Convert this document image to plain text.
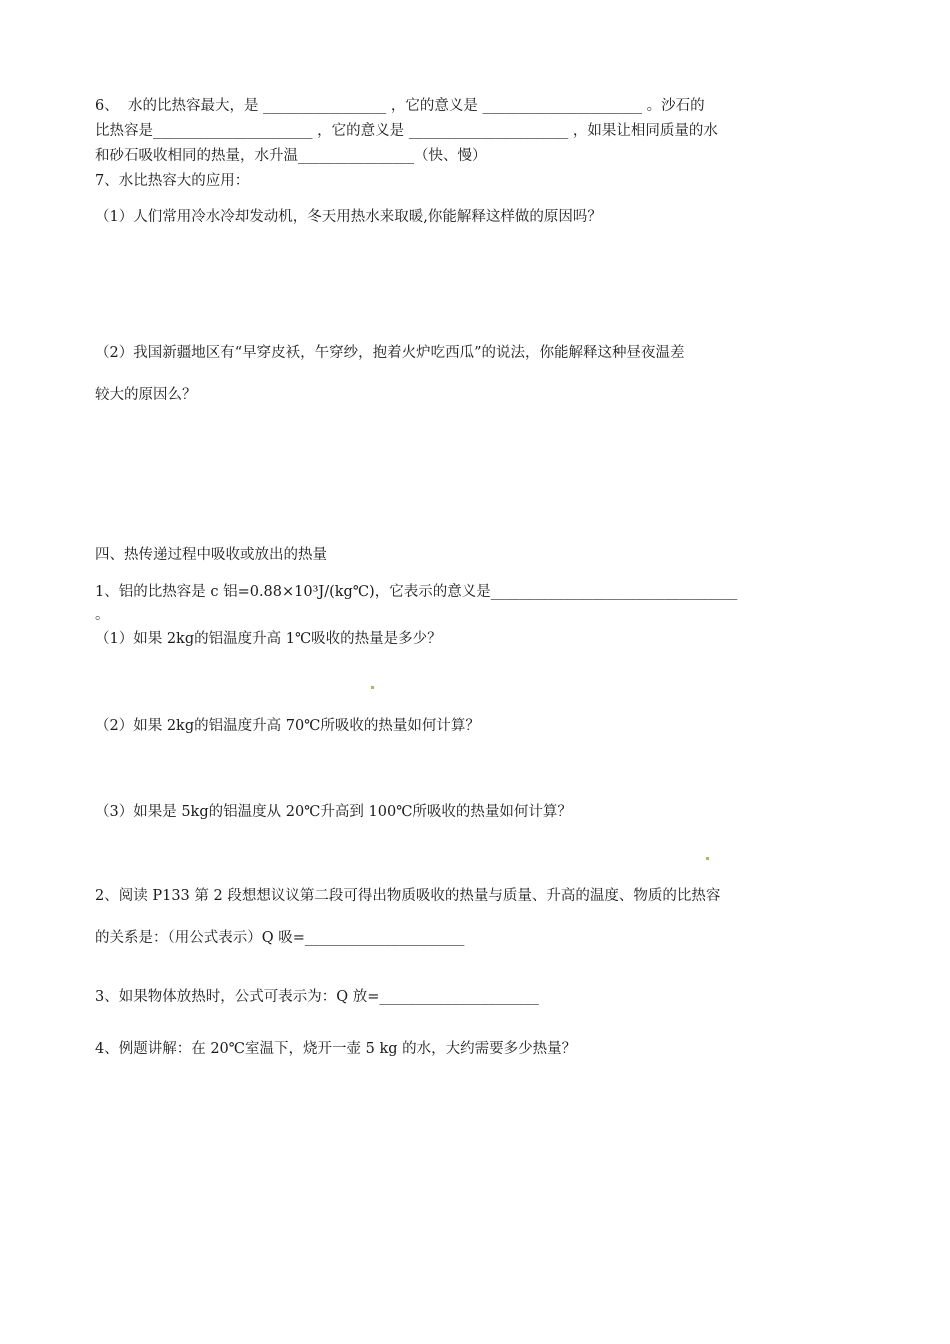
6、  水的比热容最大，是 _________________ ，它的意义是 ______________________ 。沙石的
比热容是______________________ ，它的意义是 ______________________ ，如果让相同质量的水
和砂石吸收相同的热量，水升温________________（快、慢）
7、水比热容大的应用：
（1）人们常用冷水冷却发动机，冬天用热水来取暖,你能解释这样做的原因吗？
（2）我国新疆地区有“早穿皮袄，午穿纱，抱着火炉吃西瓜”的说法，你能解释这种昼夜温差
较大的原因么？
四、热传递过程中吸收或放出的热量
1、铝的比热容是 c 铝=0.88×10³J/(kg℃)，它表示的意义是__________________________________
。
（1）如果 2kg的铝温度升高 1℃吸收的热量是多少？
（2）如果 2kg的铝温度升高 70℃所吸收的热量如何计算？
（3）如果是 5kg的铝温度从 20℃升高到 100℃所吸收的热量如何计算？
2、阅读 P133 第 2 段想想议议第二段可得出物质吸收的热量与质量、升高的温度、物质的比热容
的关系是：（用公式表示）Q 吸=______________________
3、如果物体放热时，公式可表示为：Q 放=______________________
4、例题讲解：在 20℃室温下，烧开一壶 5 kg 的水，大约需要多少热量？
